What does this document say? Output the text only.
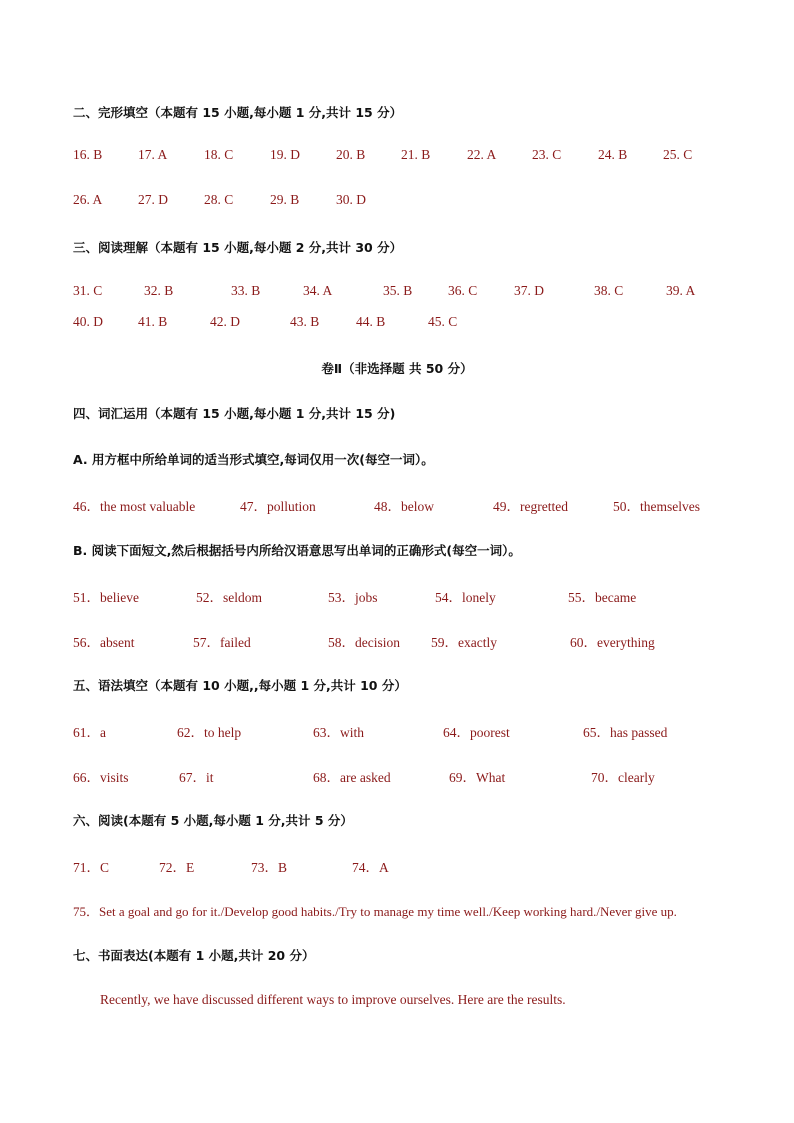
二、完形填空（本题有 15 小题,每小题 1 分,共计 15 分）
16. B	17. A	18. C	19. D	20. B	21. B	22. A	23. C	24. B	25. C
26. A	27. D	28. C	29. B	30. D
三、阅读理解（本题有 15 小题,每小题 2 分,共计 30 分）
31. C	32. B	33. B	34. A	35. B	36. C	37. D	38. C	39. A
40. D	41. B	42. D	43. B	44. B	45. C
卷Ⅱ（非选择题 共 50 分）
四、词汇运用（本题有 15 小题,每小题 1 分,共计 15 分)
A. 用方框中所给单词的适当形式填空,每词仅用一次(每空一词）。
46．the most valuable	47．pollution	48．below	49．regretted	50．themselves
B. 阅读下面短文,然后根据括号内所给汉语意思写出单词的正确形式(每空一词）。
51．believe	52．seldom	53．jobs	54．lonely	55．became
56．absent	57．failed	58．decision 59．exactly	60．everything
五、语法填空（本题有 10 小题,,每小题 1 分,共计 10 分）
61．a	62．to help	63．with	64．poorest	65．has passed
66．visits	67．it	68．are asked	69．What	70．clearly
六、阅读(本题有 5 小题,每小题 1 分,共计 5 分）
71．C	72．E	73．B	74．A
75．Set a goal and go for it./Develop good habits./Try to manage my time well./Keep working hard./Never give up.
七、书面表达(本题有 1 小题,共计 20 分）
Recently, we have discussed different ways to improve ourselves. Here are the results.
